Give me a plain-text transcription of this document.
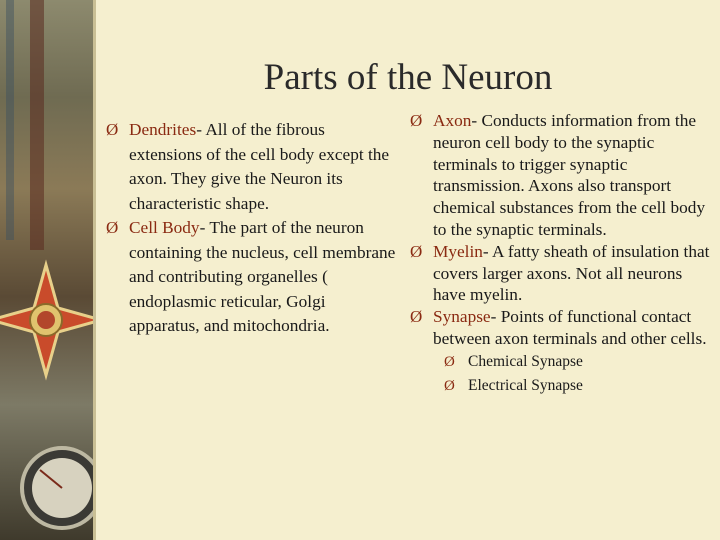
Parts of the Neuron
Ø Dendrites- All of the fibrous extensions of the cell body except the axon. They give the Neuron its characteristic shape.
Ø Cell Body- The part of the neuron containing the nucleus, cell membrane and contributing organelles ( endoplasmic reticular, Golgi apparatus, and mitochondria.
Ø Axon- Conducts information from the neuron cell body to the synaptic terminals to trigger synaptic transmission. Axons also transport chemical substances from the cell body to the synaptic terminals.
Ø Myelin- A fatty sheath of insulation that covers larger axons. Not all neurons have myelin.
Ø Synapse- Points of functional contact between axon terminals and other cells.
Ø Chemical Synapse
Ø Electrical Synapse
